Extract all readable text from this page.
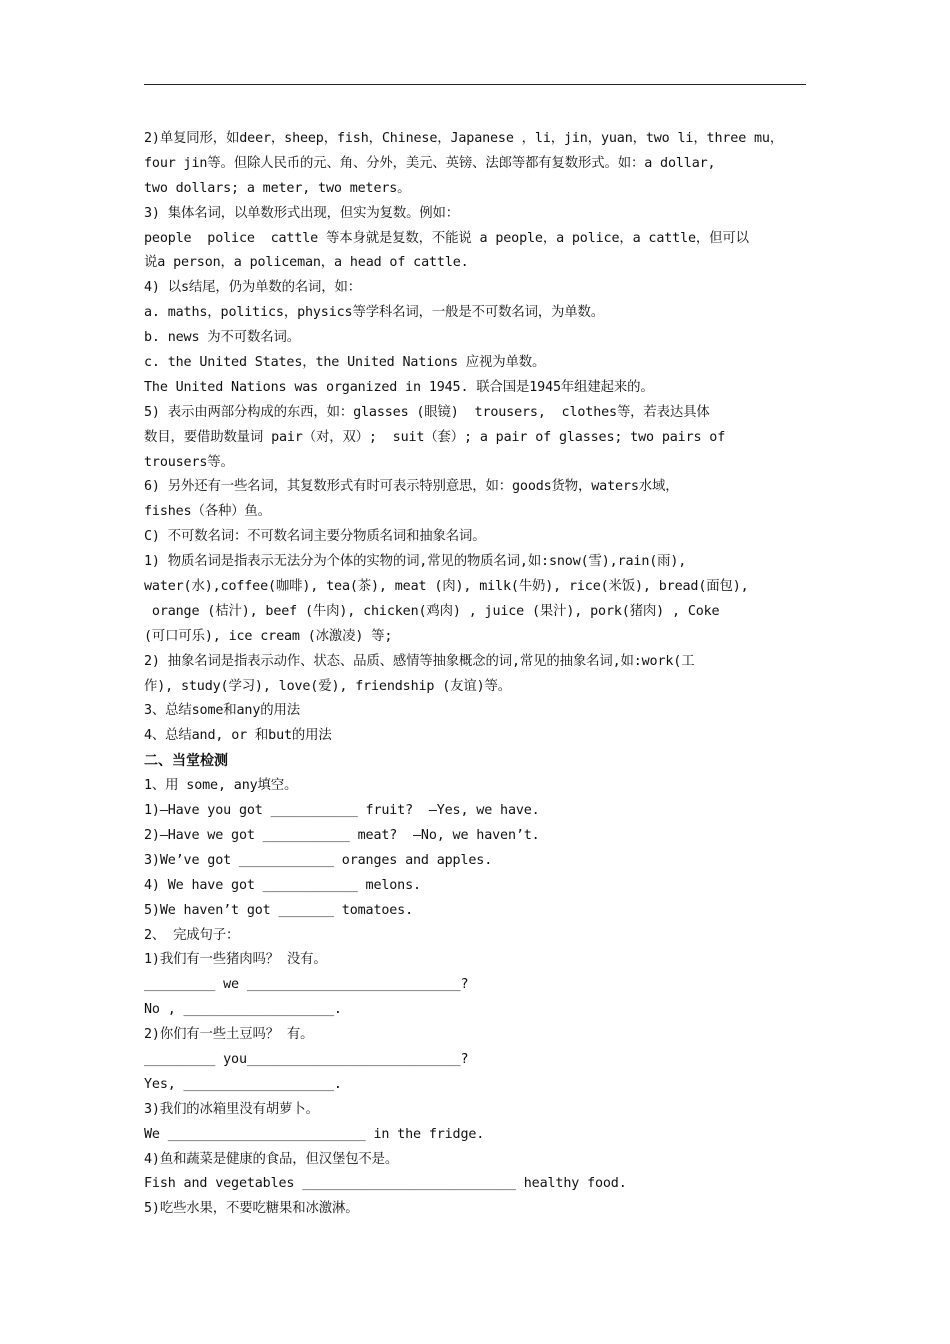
2)单复同形，如deer，sheep，fish，Chinese，Japanese ，li，jin，yuan，two li，three mu，
four jin等。但除人民币的元、角、分外，美元、英镑、法郎等都有复数形式。如：a dollar,
two dollars; a meter, two meters。
3) 集体名词，以单数形式出现，但实为复数。例如：
people  police  cattle 等本身就是复数，不能说 a people，a police，a cattle，但可以
说a person，a policeman，a head of cattle.
4) 以s结尾，仍为单数的名词，如：
a. maths，politics，physics等学科名词，一般是不可数名词，为单数。
b. news 为不可数名词。
c. the United States，the United Nations 应视为单数。
The United Nations was organized in 1945. 联合国是1945年组建起来的。
5) 表示由两部分构成的东西，如：glasses (眼镜)  trousers,  clothes等，若表达具体
数目，要借助数量词 pair（对，双）;  suit（套）; a pair of glasses; two pairs of
trousers等。
6) 另外还有一些名词，其复数形式有时可表示特别意思，如：goods货物，waters水域，
fishes（各种）鱼。
C) 不可数名词：不可数名词主要分物质名词和抽象名词。
1) 物质名词是指表示无法分为个体的实物的词,常见的物质名词,如:snow(雪),rain(雨),
water(水),coffee(咖啡), tea(茶), meat (肉), milk(牛奶), rice(米饭), bread(面包),
orange (桔汁), beef (牛肉), chicken(鸡肉) , juice (果汁), pork(猪肉) , Coke
(可口可乐), ice cream (冰激凌) 等;
2) 抽象名词是指表示动作、状态、品质、感情等抽象概念的词,常见的抽象名词,如:work(工
作), study(学习), love(爱), friendship (友谊)等。
3、总结some和any的用法
4、总结and, or 和but的用法
二、当堂检测
1、用 some, any填空。
1)—Have you got ___________ fruit?  —Yes, we have.
2)—Have we got ___________ meat?  —No, we haven’t.
3)We’ve got ____________ oranges and apples.
4) We have got ____________ melons.
5)We haven’t got _______ tomatoes.
2、 完成句子：
1)我们有一些猪肉吗？ 没有。
_________ we ___________________________?
No , ___________________.
2)你们有一些土豆吗？ 有。
_________ you___________________________?
Yes, ___________________.
3)我们的冰箱里没有胡萝卜。
We _________________________ in the fridge.
4)鱼和蔬菜是健康的食品，但汉堡包不是。
Fish and vegetables ___________________________ healthy food.
5)吃些水果，不要吃糖果和冰激淋。
